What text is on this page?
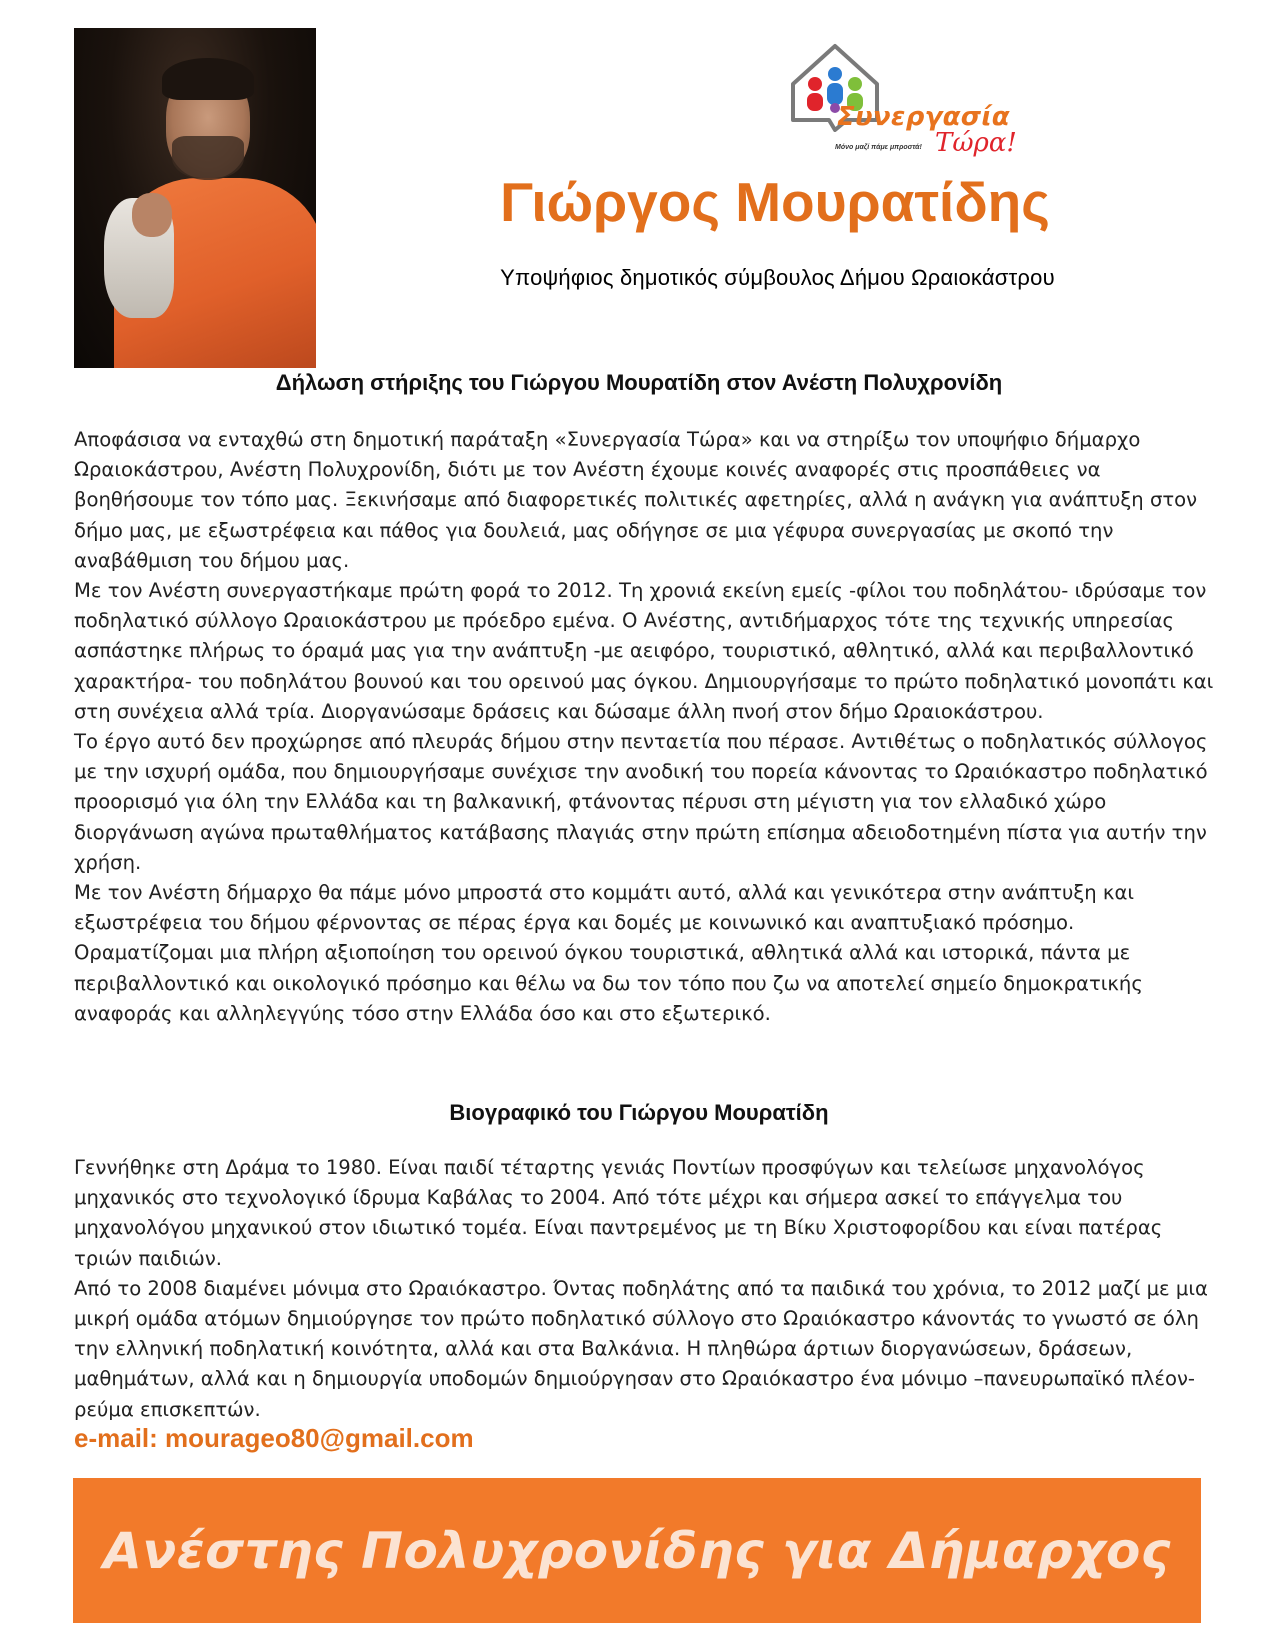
Συνεργασία
Τώρα!
Μόνο μαζί πάμε μπροστά!
Γιώργος Μουρατίδης
Υποψήφιος δημοτικός σύμβουλος Δήμου Ωραιοκάστρου
Δήλωση στήριξης του Γιώργου Μουρατίδη στον Ανέστη Πολυχρονίδη

Αποφάσισα να ενταχθώ στη δημοτική παράταξη «Συνεργασία Τώρα» και να στηρίξω τον υποψήφιο δήμαρχο Ωραιοκάστρου, Ανέστη Πολυχρονίδη, διότι με τον Ανέστη έχουμε κοινές αναφορές στις προσπάθειες να βοηθήσουμε τον τόπο μας. Ξεκινήσαμε από διαφορετικές πολιτικές αφετηρίες, αλλά η ανάγκη για ανάπτυξη στον δήμο μας, με εξωστρέφεια και πάθος για δουλειά, μας οδήγησε σε μια γέφυρα συνεργασίας με σκοπό την αναβάθμιση του δήμου μας.

Με τον Ανέστη συνεργαστήκαμε πρώτη φορά το 2012. Τη χρονιά εκείνη εμείς -φίλοι του ποδηλάτου- ιδρύσαμε τον ποδηλατικό σύλλογο Ωραιοκάστρου με πρόεδρο εμένα. Ο Ανέστης, αντιδήμαρχος τότε της τεχνικής υπηρεσίας ασπάστηκε πλήρως το όραμά μας για την ανάπτυξη -με αειφόρο, τουριστικό, αθλητικό, αλλά και περιβαλλοντικό χαρακτήρα- του ποδηλάτου βουνού και του ορεινού μας όγκου. Δημιουργήσαμε το πρώτο ποδηλατικό μονοπάτι και στη συνέχεια αλλά τρία. Διοργανώσαμε δράσεις και δώσαμε άλλη πνοή στον δήμο Ωραιοκάστρου.

Το έργο αυτό δεν προχώρησε από πλευράς δήμου στην πενταετία που πέρασε. Αντιθέτως ο ποδηλατικός σύλλογος με την ισχυρή ομάδα, που δημιουργήσαμε συνέχισε την ανοδική του πορεία κάνοντας το Ωραιόκαστρο ποδηλατικό προορισμό για όλη την Ελλάδα και τη βαλκανική, φτάνοντας πέρυσι στη μέγιστη για τον ελλαδικό χώρο διοργάνωση αγώνα πρωταθλήματος κατάβασης πλαγιάς στην πρώτη επίσημα αδειοδοτημένη πίστα για αυτήν την χρήση.

Με τον Ανέστη δήμαρχο θα πάμε μόνο μπροστά στο κομμάτι αυτό, αλλά και γενικότερα στην ανάπτυξη και εξωστρέφεια του δήμου φέρνοντας σε πέρας έργα και δομές με κοινωνικό και αναπτυξιακό πρόσημο. Οραματίζομαι μια πλήρη αξιοποίηση του ορεινού όγκου τουριστικά, αθλητικά αλλά και ιστορικά, πάντα με περιβαλλοντικό και οικολογικό πρόσημο και θέλω να δω τον τόπο που ζω να αποτελεί σημείο δημοκρατικής αναφοράς και αλληλεγγύης τόσο στην Ελλάδα όσο και στο εξωτερικό.

Βιογραφικό του Γιώργου Μουρατίδη

Γεννήθηκε στη Δράμα το 1980. Είναι παιδί τέταρτης γενιάς Ποντίων προσφύγων και τελείωσε μηχανολόγος μηχανικός στο τεχνολογικό ίδρυμα Καβάλας το 2004. Από τότε μέχρι και σήμερα ασκεί το επάγγελμα του μηχανολόγου μηχανικού στον ιδιωτικό τομέα. Είναι παντρεμένος με τη Βίκυ Χριστοφορίδου και είναι πατέρας τριών παιδιών.

Από το 2008 διαμένει μόνιμα στο Ωραιόκαστρο. Όντας ποδηλάτης από τα παιδικά του χρόνια, το 2012 μαζί με μια μικρή ομάδα ατόμων δημιούργησε τον πρώτο ποδηλατικό σύλλογο στο Ωραιόκαστρο κάνοντάς το γνωστό σε όλη την ελληνική ποδηλατική κοινότητα, αλλά και στα Βαλκάνια. Η πληθώρα άρτιων διοργανώσεων, δράσεων, μαθημάτων, αλλά και η δημιουργία υποδομών δημιούργησαν στο Ωραιόκαστρο ένα μόνιμο –πανευρωπαϊκό πλέον- ρεύμα επισκεπτών.

e-mail: mourageo80@gmail.com
Ανέστης Πολυχρονίδης για Δήμαρχος
